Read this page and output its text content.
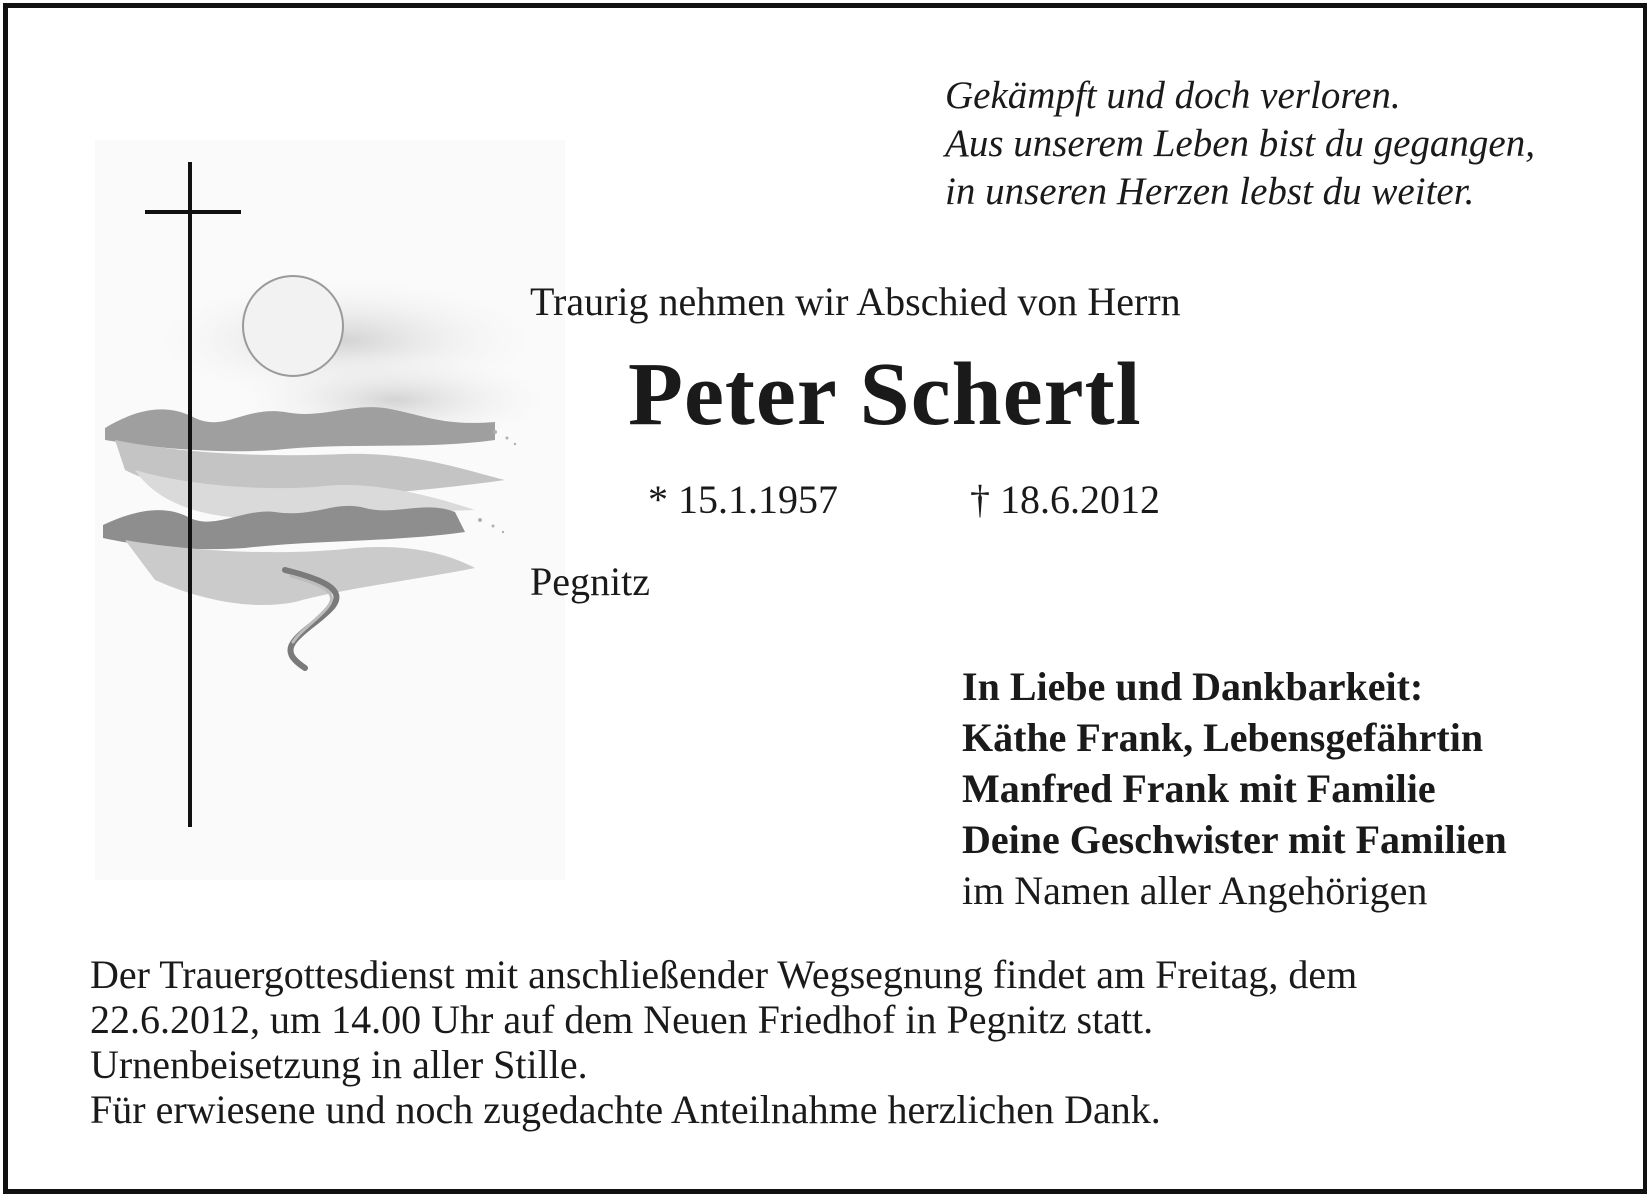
Gekämpft und doch verloren.
Aus unserem Leben bist du gegangen,
in unseren Herzen lebst du weiter.
Traurig nehmen wir Abschied von Herrn
Peter Schertl
* 15.1.1957	† 18.6.2012
Pegnitz
In Liebe und Dankbarkeit:
Käthe Frank, Lebensgefährtin
Manfred Frank mit Familie
Deine Geschwister mit Familien
im Namen aller Angehörigen
Der Trauergottesdienst mit anschließender Wegsegnung findet am Freitag, dem
22.6.2012, um 14.00 Uhr auf dem Neuen Friedhof in Pegnitz statt.
Urnenbeisetzung in aller Stille.
Für erwiesene und noch zugedachte Anteilnahme herzlichen Dank.
